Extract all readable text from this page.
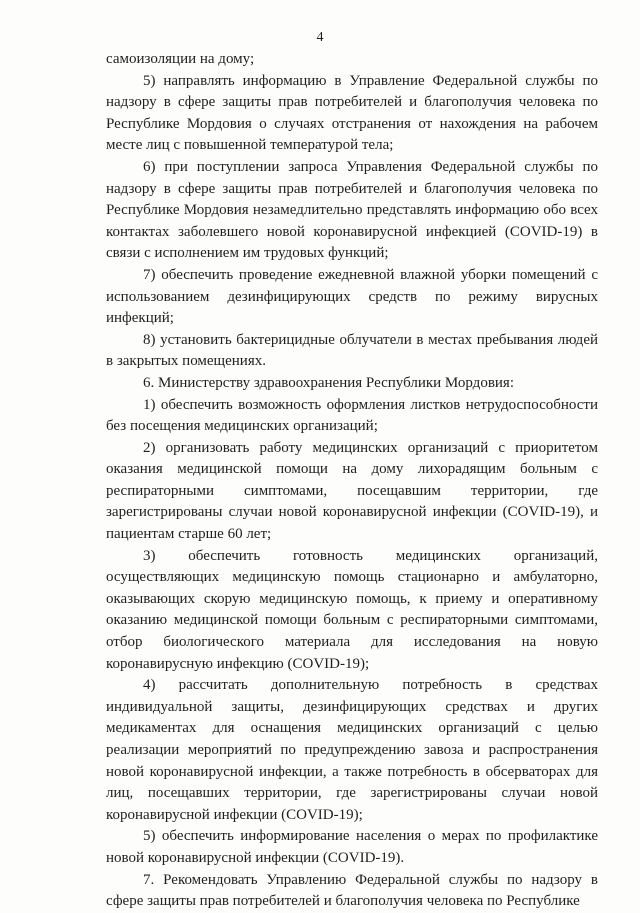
4

самоизоляции на дому;

5) направлять информацию в Управление Федеральной службы по надзору в сфере защиты прав потребителей и благополучия человека по Республике Мордовия о случаях отстранения от нахождения на рабочем месте лиц с повышенной температурой тела;

6) при поступлении запроса Управления Федеральной службы по надзору в сфере защиты прав потребителей и благополучия человека по Республике Мордовия незамедлительно представлять информацию обо всех контактах заболевшего новой коронавирусной инфекцией (COVID-19) в связи с исполнением им трудовых функций;

7) обеспечить проведение ежедневной влажной уборки помещений с использованием дезинфицирующих средств по режиму вирусных инфекций;

8) установить бактерицидные облучатели в местах пребывания людей в закрытых помещениях.

6. Министерству здравоохранения Республики Мордовия:

1) обеспечить возможность оформления листков нетрудоспособности без посещения медицинских организаций;

2) организовать работу медицинских организаций с приоритетом оказания медицинской помощи на дому лихорадящим больным с респираторными симптомами, посещавшим территории, где зарегистрированы случаи новой коронавирусной инфекции (COVID-19), и пациентам старше 60 лет;

3) обеспечить готовность медицинских организаций, осуществляющих медицинскую помощь стационарно и амбулаторно, оказывающих скорую медицинскую помощь, к приему и оперативному оказанию медицинской помощи больным с респираторными симптомами, отбор биологического материала для исследования на новую коронавирусную инфекцию (COVID-19);

4) рассчитать дополнительную потребность в средствах индивидуальной защиты, дезинфицирующих средствах и других медикаментах для оснащения медицинских организаций с целью реализации мероприятий по предупреждению завоза и распространения новой коронавирусной инфекции, а также потребность в обсерваторах для лиц, посещавших территории, где зарегистрированы случаи новой коронавирусной инфекции (COVID-19);

5) обеспечить информирование населения о мерах по профилактике новой коронавирусной инфекции (COVID-19).

7. Рекомендовать Управлению Федеральной службы по надзору в сфере защиты прав потребителей и благополучия человека по Республике
